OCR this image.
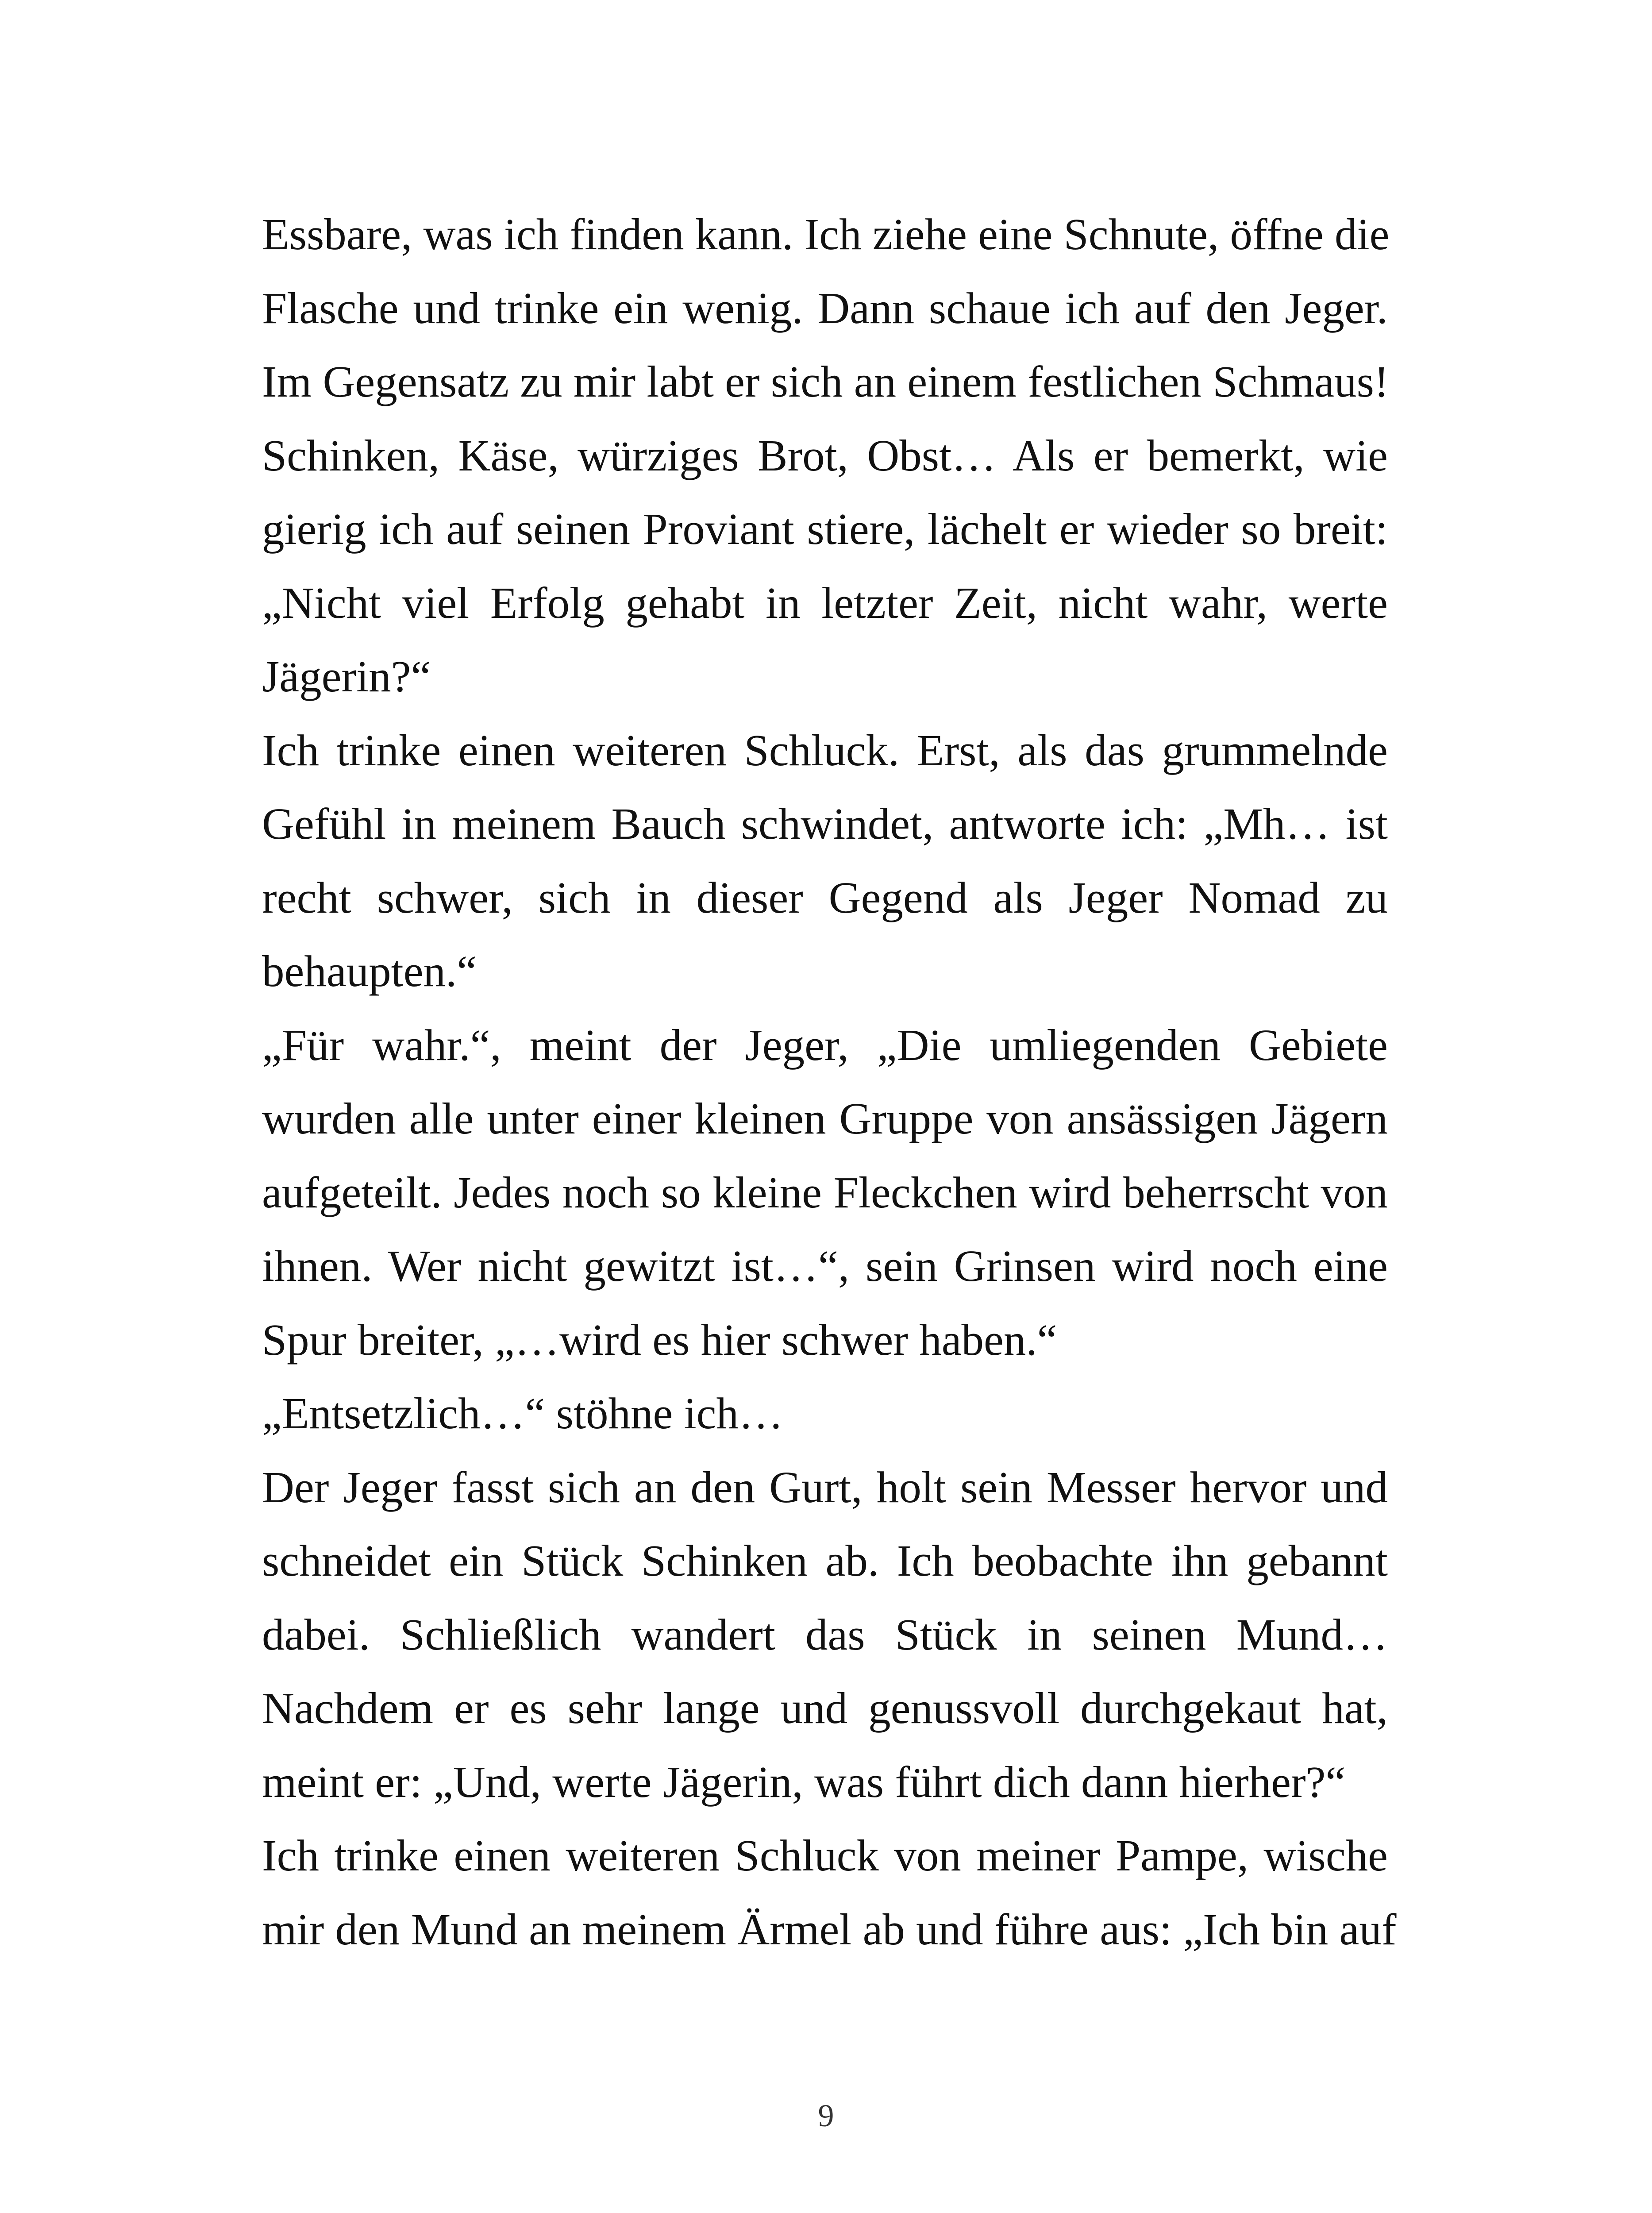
Essbare, was ich finden kann. Ich ziehe eine Schnute, öffne die
Flasche und trinke ein wenig. Dann schaue ich auf den Jeger.
Im Gegensatz zu mir labt er sich an einem festlichen Schmaus!
Schinken, Käse, würziges Brot, Obst… Als er bemerkt, wie
gierig ich auf seinen Proviant stiere, lächelt er wieder so breit:
„Nicht viel Erfolg gehabt in letzter Zeit, nicht wahr, werte
Jägerin?“
Ich trinke einen weiteren Schluck. Erst, als das grummelnde
Gefühl in meinem Bauch schwindet, antworte ich: „Mh… ist
recht schwer, sich in dieser Gegend als Jeger Nomad zu
behaupten.“
„Für wahr.“, meint der Jeger, „Die umliegenden Gebiete
wurden alle unter einer kleinen Gruppe von ansässigen Jägern
aufgeteilt. Jedes noch so kleine Fleckchen wird beherrscht von
ihnen. Wer nicht gewitzt ist…“, sein Grinsen wird noch eine
Spur breiter, „…wird es hier schwer haben.“
„Entsetzlich…“ stöhne ich…
Der Jeger fasst sich an den Gurt, holt sein Messer hervor und
schneidet ein Stück Schinken ab. Ich beobachte ihn gebannt
dabei. Schließlich wandert das Stück in seinen Mund…
Nachdem er es sehr lange und genussvoll durchgekaut hat,
meint er: „Und, werte Jägerin, was führt dich dann hierher?“
Ich trinke einen weiteren Schluck von meiner Pampe, wische
mir den Mund an meinem Ärmel ab und führe aus: „Ich bin auf
9
